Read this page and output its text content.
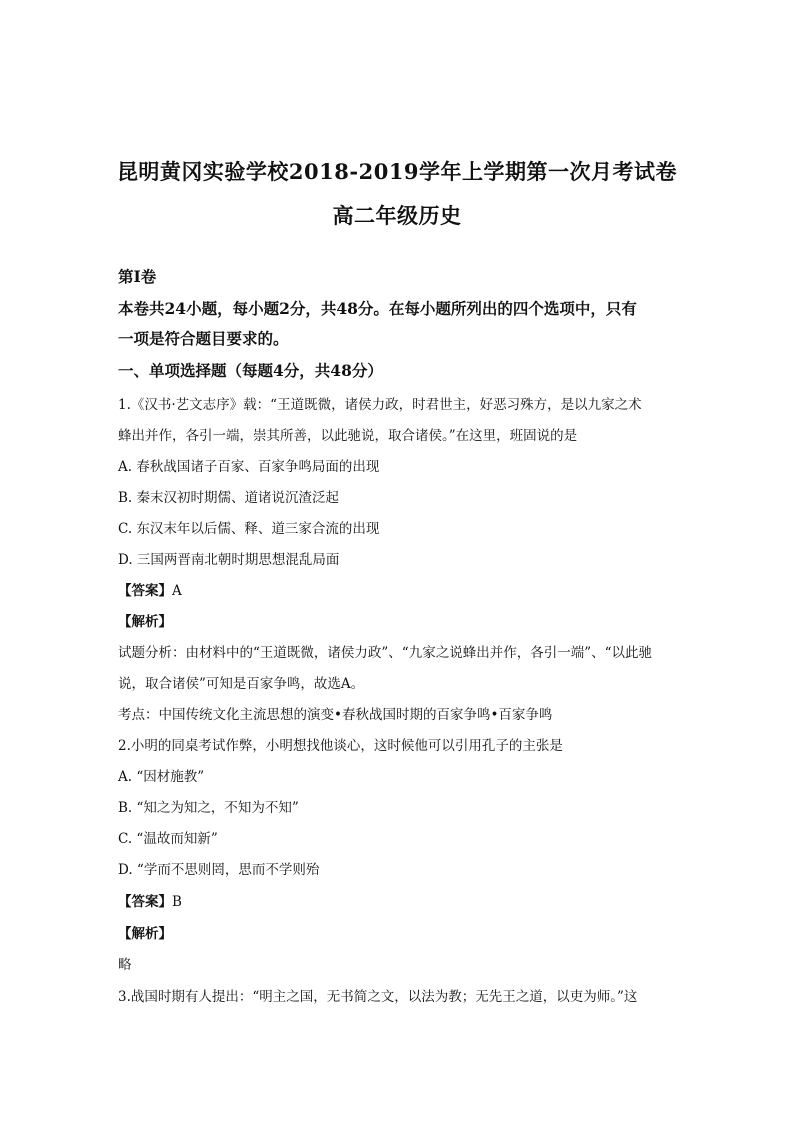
昆明黄冈实验学校2018-2019学年上学期第一次月考试卷
高二年级历史
第I卷
本卷共24小题，每小题2分，共48分。在每小题所列出的四个选项中，只有
一项是符合题目要求的。
一、单项选择题（每题4分，共48分）
1.《汉书·艺文志序》载：“王道既微，诸侯力政，时君世主，好恶习殊方，是以九家之术
蜂出并作，各引一端，崇其所善，以此驰说，取合诸侯。”在这里，班固说的是
A. 春秋战国诸子百家、百家争鸣局面的出现
B. 秦末汉初时期儒、道诸说沉渣泛起
C. 东汉末年以后儒、释、道三家合流的出现
D. 三国两晋南北朝时期思想混乱局面
【答案】A
【解析】
试题分析：由材料中的“王道既微，诸侯力政”、“九家之说蜂出并作，各引一端”、“以此驰
说，取合诸侯”可知是百家争鸣，故选A。
考点：中国传统文化主流思想的演变•春秋战国时期的百家争鸣•百家争鸣
2.小明的同桌考试作弊，小明想找他谈心，这时候他可以引用孔子的主张是
A. “因材施教”
B. “知之为知之，不知为不知”
C. “温故而知新”
D. “学而不思则罔，思而不学则殆
【答案】B
【解析】
略
3.战国时期有人提出：“明主之国，无书简之文，以法为教；无先王之道，以吏为师。”这
